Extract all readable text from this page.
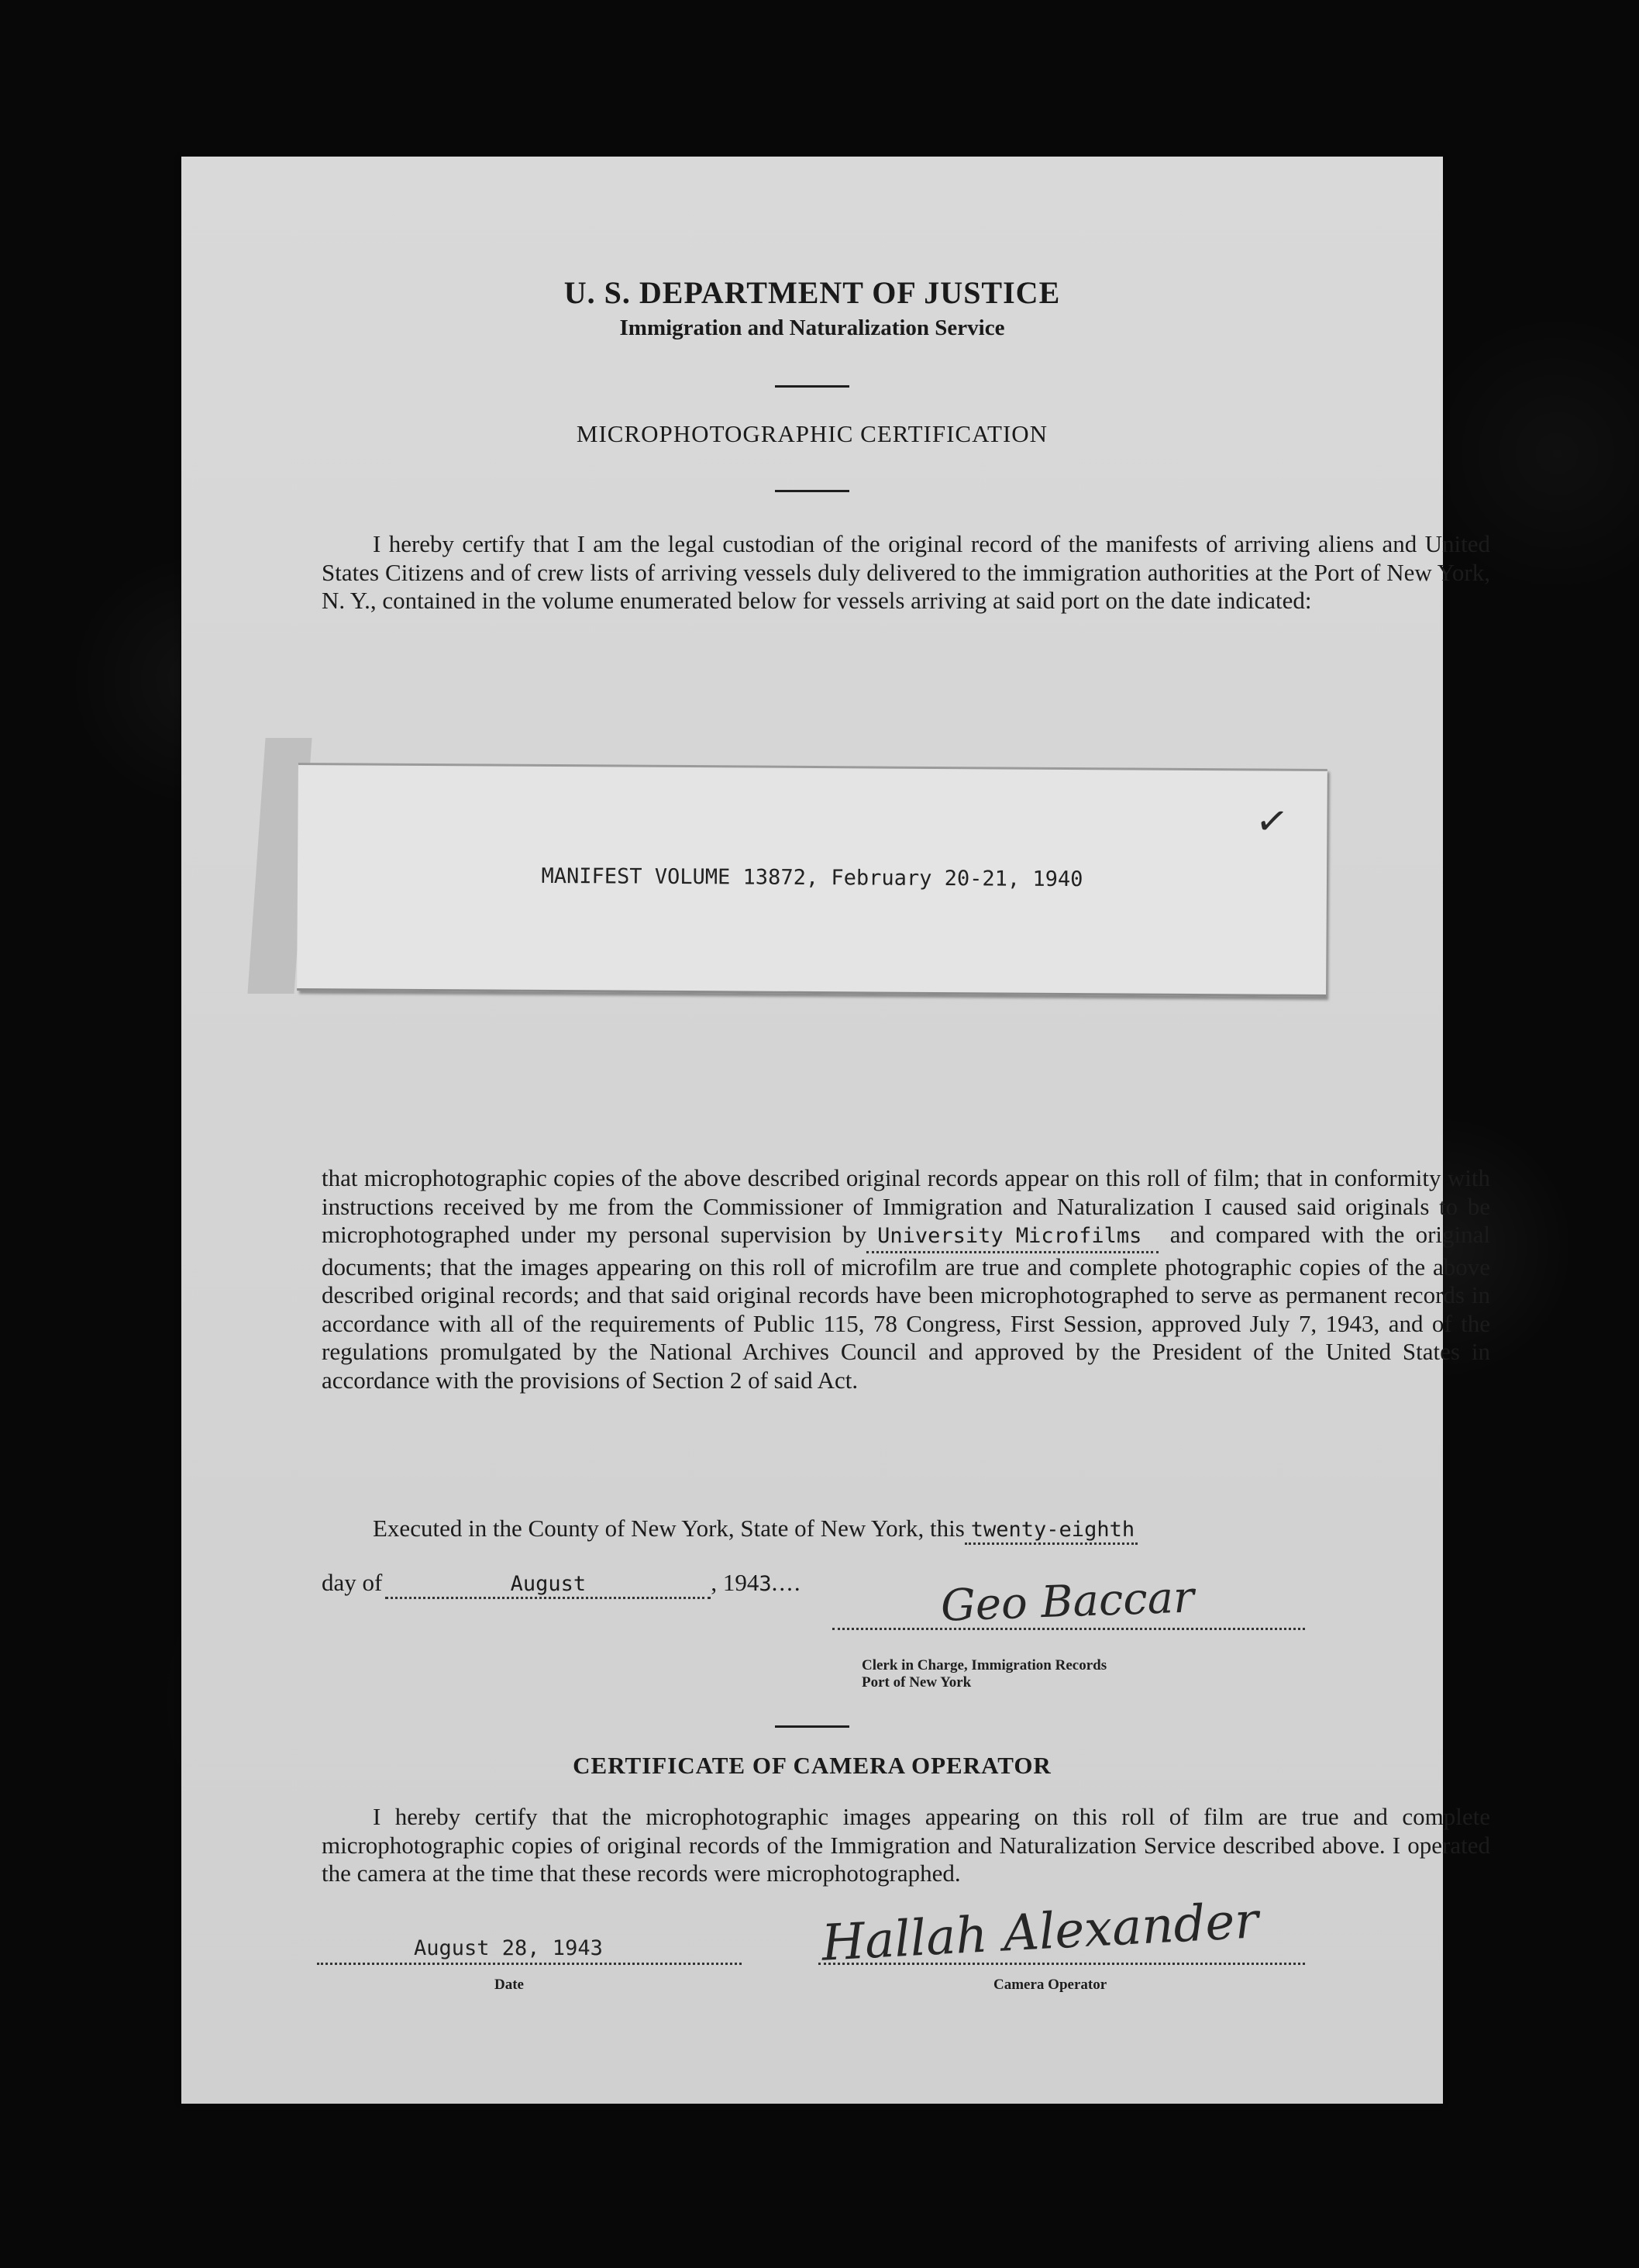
U. S. DEPARTMENT OF JUSTICE
Immigration and Naturalization Service
MICROPHOTOGRAPHIC CERTIFICATION
I hereby certify that I am the legal custodian of the original record of the manifests of arriving aliens and United States Citizens and of crew lists of arriving vessels duly delivered to the immigration authorities at the Port of New York, N. Y., contained in the volume enumerated below for vessels arriving at said port on the date indicated:
✓
MANIFEST VOLUME 13872, February 20-21, 1940
that microphotographic copies of the above described original records appear on this roll of film; that in conformity with instructions received by me from the Commissioner of Immigration and Naturalization I caused said originals to be microphotographed under my personal supervision by University Microfilms and compared with the original documents; that the images appearing on this roll of microfilm are true and complete photographic copies of the above described original records; and that said original records have been microphotographed to serve as permanent records in accordance with all of the requirements of Public 115, 78 Congress, First Session, approved July 7, 1943, and of the regulations promulgated by the National Archives Council and approved by the President of the United States in accordance with the provisions of Section 2 of said Act.
Executed in the County of New York, State of New York, this twenty-eighth
day of	August	, 1943....	Geo Baccar
Clerk in Charge, Immigration Records
Port of New York
CERTIFICATE OF CAMERA OPERATOR
I hereby certify that the microphotographic images appearing on this roll of film are true and complete microphotographic copies of original records of the Immigration and Naturalization Service described above. I operated the camera at the time that these records were microphotographed.
August 28, 1943
Date
Hallah Alexander
Camera Operator
